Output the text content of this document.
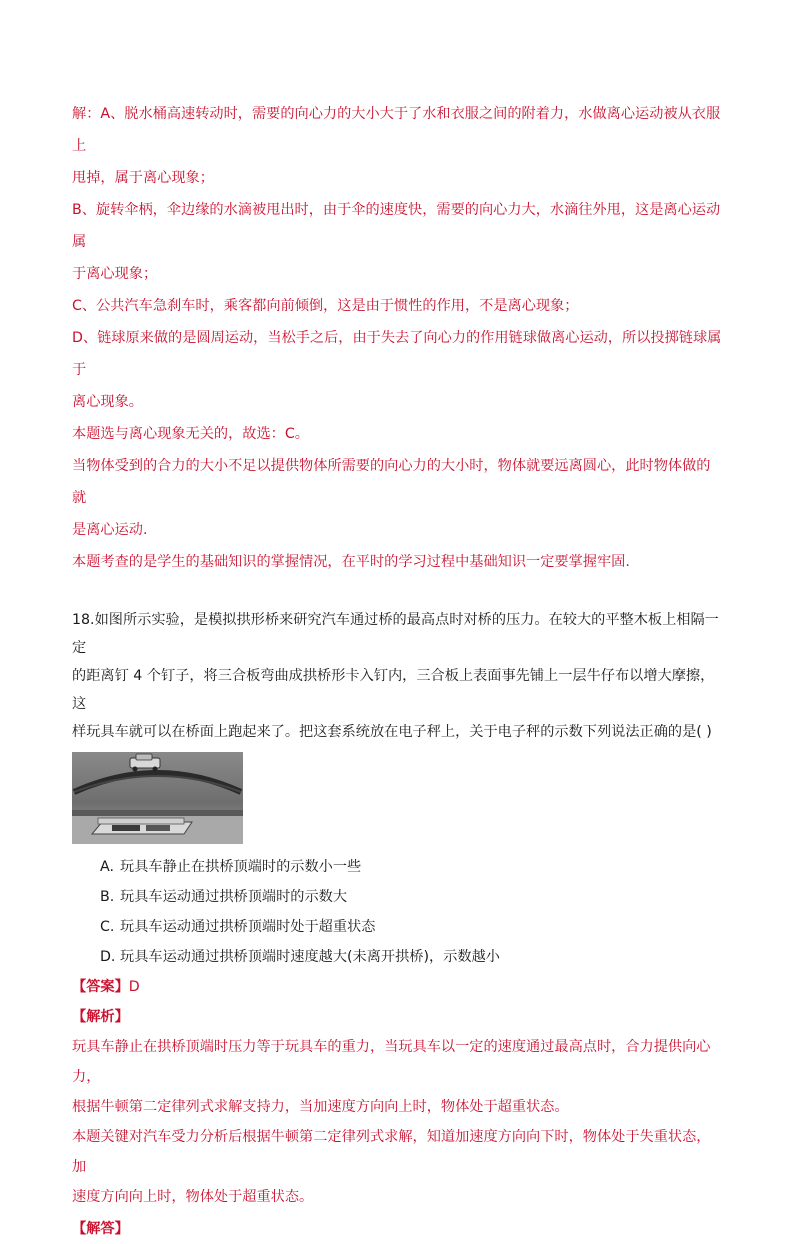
解：A、脱水桶高速转动时，需要的向心力的大小大于了水和衣服之间的附着力，水做离心运动被从衣服上

甩掉，属于离心现象；

B、旋转伞柄，伞边缘的水滴被甩出时，由于伞的速度快，需要的向心力大，水滴往外甩，这是离心运动属

于离心现象；

C、公共汽车急刹车时，乘客都向前倾倒，这是由于惯性的作用，不是离心现象；

D、链球原来做的是圆周运动，当松手之后，由于失去了向心力的作用链球做离心运动，所以投掷链球属于

离心现象。

本题选与离心现象无关的，故选：C。

当物体受到的合力的大小不足以提供物体所需要的向心力的大小时，物体就要远离圆心，此时物体做的就

是离心运动.

本题考查的是学生的基础知识的掌握情况，在平时的学习过程中基础知识一定要掌握牢固.

18.如图所示实验，是模拟拱形桥来研究汽车通过桥的最高点时对桥的压力。在较大的平整木板上相隔一定

的距离钉 4 个钉子，将三合板弯曲成拱桥形卡入钉内，三合板上表面事先铺上一层牛仔布以增大摩擦，这

样玩具车就可以在桥面上跑起来了。把这套系统放在电子秤上，关于电子秤的示数下列说法正确的是( )

A. 玩具车静止在拱桥顶端时的示数小一些
B. 玩具车运动通过拱桥顶端时的示数大
C. 玩具车运动通过拱桥顶端时处于超重状态
D. 玩具车运动通过拱桥顶端时速度越大(未离开拱桥)，示数越小

【答案】D

【解析】

玩具车静止在拱桥顶端时压力等于玩具车的重力，当玩具车以一定的速度通过最高点时，合力提供向心力，

根据牛顿第二定律列式求解支持力，当加速度方向向上时，物体处于超重状态。

本题关键对汽车受力分析后根据牛顿第二定律列式求解，知道加速度方向向下时，物体处于失重状态，加

速度方向向上时，物体处于超重状态。

【解答】
